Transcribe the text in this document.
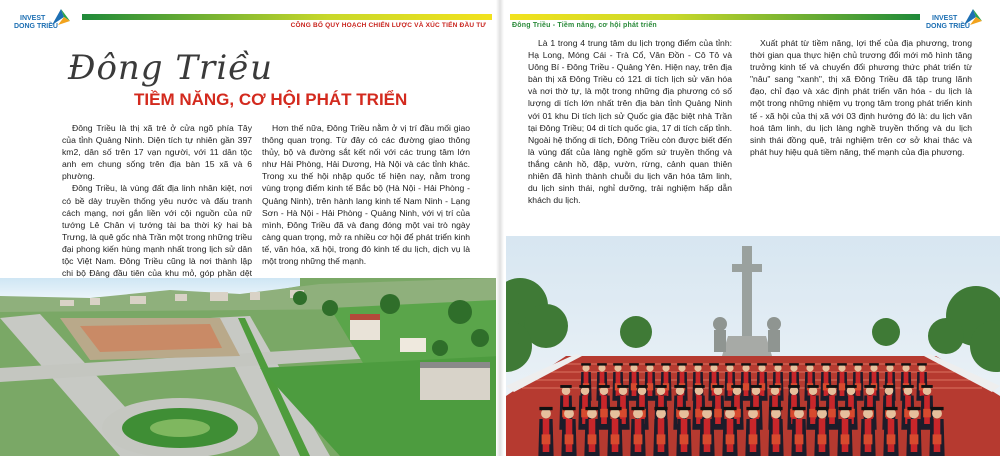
INVEST
DONG TRIỀU	CÔNG BỐ QUY HOẠCH CHIẾN LƯỢC VÀ XÚC TIẾN ĐẦU TƯ
Đông Triều
TIỀM NĂNG, CƠ HỘI PHÁT TRIỂN

Đông Triều là thị xã trẻ ở cửa ngõ phía Tây của tỉnh Quảng Ninh. Diện tích tự nhiên gần 397 km2, dân số trên 17 vạn người, với 11 dân tộc anh em chung sống trên địa bàn 15 xã và 6 phường.

Đông Triều, là vùng đất địa linh nhân kiệt, nơi có bề dày truyền thống yêu nước và đấu tranh cách mạng, nơi gắn liền với cội nguồn của nữ tướng Lê Chân vị tướng tài ba thời kỳ hai bà Trưng, là quê gốc nhà Trần một trong những triều đại phong kiến hùng mạnh nhất trong lịch sử dân tộc Việt Nam. Đông Triều cũng là nơi thành lập chi bộ Đảng đầu tiên của khu mỏ, góp phần dệt

Hơn thế nữa, Đông Triều nằm ở vị trí đầu mối giao thông quan trọng. Từ đây có các đường giao thông thủy, bộ và đường sắt kết nối với các trung tâm lớn như Hải Phòng, Hải Dương, Hà Nội và các tỉnh khác. Trong xu thế hội nhập quốc tế hiện nay, nằm trong vùng trọng điểm kinh tế Bắc bộ (Hà Nội - Hải Phòng - Quảng Ninh), trên hành lang kinh tế Nam Ninh - Lạng Sơn - Hà Nội - Hải Phòng - Quảng Ninh, với vị trí của mình, Đông Triều đã và đang đóng một vai trò ngày càng quan trọng, mở ra nhiều cơ hội để phát triển kinh tế, văn hóa, xã hội, trong đó kinh tế du lịch, dịch vụ là một trong những thế mạnh.

Đông Triều - Tiềm năng, cơ hội phát triển
INVEST
DONG TRIỀU

Là 1 trong 4 trung tâm du lịch trọng điểm của tỉnh: Hạ Long, Móng Cái - Trà Cổ, Vân Đồn - Cô Tô và Uông Bí - Đông Triều - Quảng Yên. Hiện nay, trên địa bàn thị xã Đông Triều có 121 di tích lịch sử văn hóa và nơi thờ tự, là một trong những địa phương có số lượng di tích lớn nhất trên địa bàn tỉnh Quảng Ninh với 01 khu Di tích lịch sử Quốc gia đặc biệt nhà Trần tại Đông Triều; 04 di tích quốc gia, 17 di tích cấp tỉnh. Ngoài hệ thống di tích, Đông Triều còn được biết đến là vùng đất của làng nghề gốm sứ truyền thống và thắng cảnh hồ, đập, vườn, rừng, cảnh quan thiên nhiên đã hình thành chuỗi du lịch văn hóa tâm linh, du lịch sinh thái, nghỉ dưỡng, trải nghiệm hấp dẫn khách du lịch.

Xuất phát từ tiềm năng, lợi thế của địa phương, trong thời gian qua thực hiện chủ trương đổi mới mô hình tăng trưởng kinh tế và chuyển đổi phương thức phát triển từ "nâu" sang "xanh", thị xã Đông Triều đã tập trung lãnh đạo, chỉ đạo và xác định phát triển văn hóa - du lịch là một trong những nhiệm vụ trọng tâm trong phát triển kinh tế - xã hội của thị xã với 03 định hướng đó là: du lịch văn hoá tâm linh, du lịch làng nghề truyền thống và du lịch sinh thái đồng quê, trải nghiệm trên cơ sở khai thác và phát huy hiệu quả tiềm năng, thế mạnh của địa phương.
